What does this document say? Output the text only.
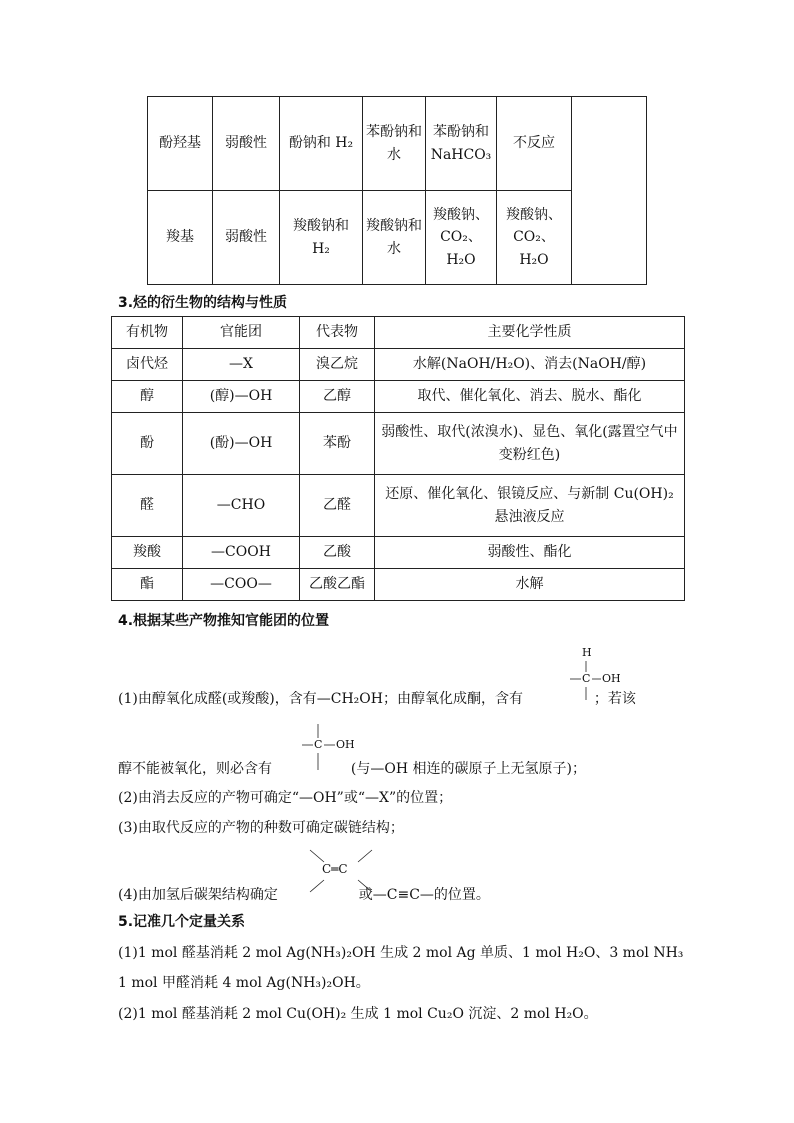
酚羟基	弱酸性	酚钠和 H₂	苯酚钠和水	苯酚钠和NaHCO₃	不反应	
羧基	弱酸性	羧酸钠和 H₂	羧酸钠和水	羧酸钠、CO₂、H₂O	羧酸钠、CO₂、H₂O	
3.烃的衍生物的结构与性质
有机物	官能团	代表物	主要化学性质
卤代烃	—X	溴乙烷	水解(NaOH/H₂O)、消去(NaOH/醇)
醇	(醇)—OH	乙醇	取代、催化氧化、消去、脱水、酯化
酚	(酚)—OH	苯酚	弱酸性、取代(浓溴水)、显色、氧化(露置空气中变粉红色)
醛	—CHO	乙醛	还原、催化氧化、银镜反应、与新制 Cu(OH)₂ 悬浊液反应
羧酸	—COOH	乙酸	弱酸性、酯化
酯	—COO—	乙酸乙酯	水解
4.根据某些产物推知官能团的位置
H
C OH
(1)由醇氧化成醛(或羧酸)，含有—CH₂OH；由醇氧化成酮，含有	；若该
C OH
醇不能被氧化，则必含有	(与—OH 相连的碳原子上无氢原子)；
(2)由消去反应的产物可确定“—OH”或“—X”的位置；
(3)由取代反应的产物的种数可确定碳链结构；
C═C
(4)由加氢后碳架结构确定	或—C≡C—的位置。
5.记准几个定量关系
(1)1 mol 醛基消耗 2 mol Ag(NH₃)₂OH 生成 2 mol Ag 单质、1 mol H₂O、3 mol NH₃
1 mol 甲醛消耗 4 mol Ag(NH₃)₂OH。
(2)1 mol 醛基消耗 2 mol Cu(OH)₂ 生成 1 mol Cu₂O 沉淀、2 mol H₂O。
